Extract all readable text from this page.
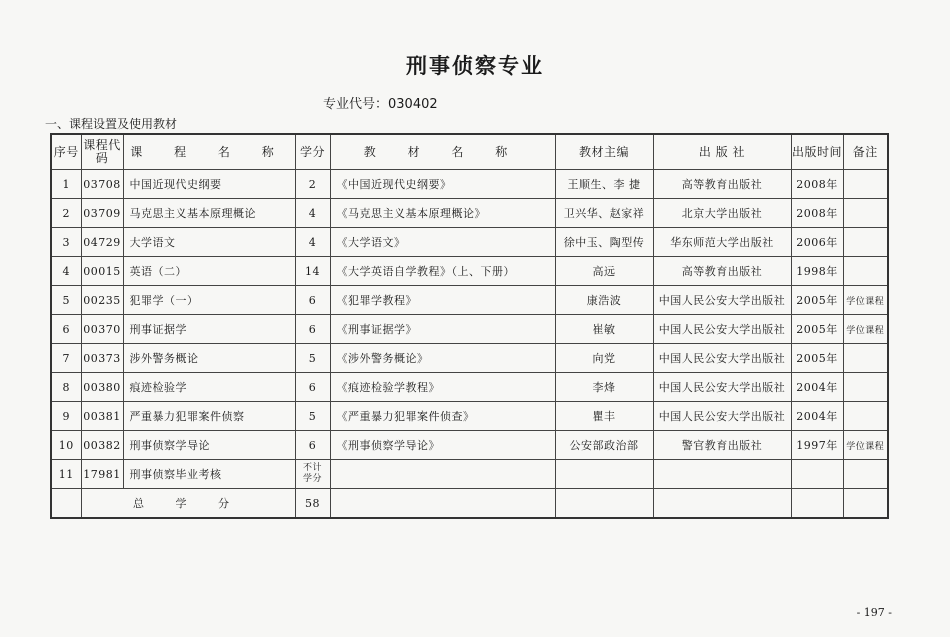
刑事侦察专业
专业代号：030402
一、课程设置及使用教材
序号	课程代码	课 程 名 称	学分	教 材 名 称	教材主编	出 版 社	出版时间	备注
1	03708	中国近现代史纲要	2	《中国近现代史纲要》	王顺生、李 捷	高等教育出版社	2008年	
2	03709	马克思主义基本原理概论	4	《马克思主义基本原理概论》	卫兴华、赵家祥	北京大学出版社	2008年	
3	04729	大学语文	4	《大学语文》	徐中玉、陶型传	华东师范大学出版社	2006年	
4	00015	英语（二）	14	《大学英语自学教程》（上、下册）	高远	高等教育出版社	1998年	
5	00235	犯罪学（一）	6	《犯罪学教程》	康浩波	中国人民公安大学出版社	2005年	学位课程
6	00370	刑事证据学	6	《刑事证据学》	崔敏	中国人民公安大学出版社	2005年	学位课程
7	00373	涉外警务概论	5	《涉外警务概论》	向党	中国人民公安大学出版社	2005年	
8	00380	痕迹检验学	6	《痕迹检验学教程》	李烽	中国人民公安大学出版社	2004年	
9	00381	严重暴力犯罪案件侦察	5	《严重暴力犯罪案件侦查》	瞿丰	中国人民公安大学出版社	2004年	
10	00382	刑事侦察学导论	6	《刑事侦察学导论》	公安部政治部	警官教育出版社	1997年	学位课程
11	17981	刑事侦察毕业考核	不计学分					
	总 学 分		58					
- 197 -
